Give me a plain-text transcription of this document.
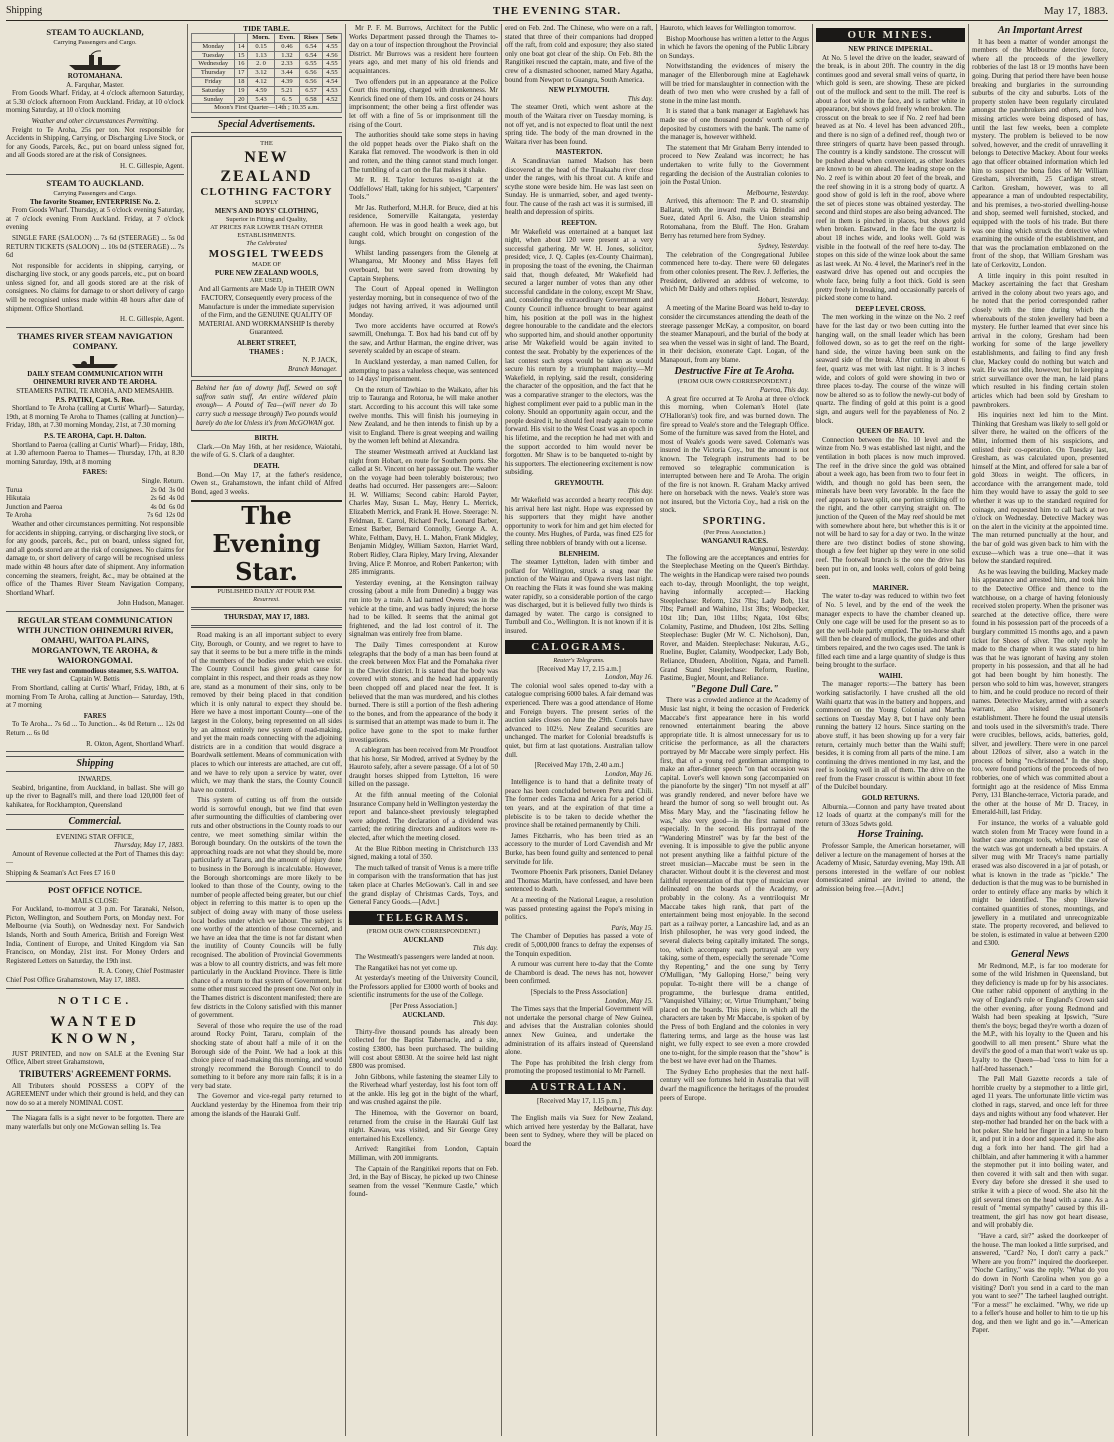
Shipping	THE EVENING STAR.	May 17, 1883.
STEAM TO AUCKLAND,
Carrying Passengers and Cargo.
ROTOMAHANA.
A. Farquhar, Master.

From Goods Wharf. Friday, at 4 o'clock afternoon Saturday, at 5.30 o'clock afternoon From Auckland. Friday, at 10 o'clock morning Saturday, at 10 o'clock morning

Weather and other circumstances Permitting.

Freight to Te Aroha, 25s per ton. Not responsible for Accidents in Shipping, Carrying, or Discharging Live Stock, or for any Goods, Parcels, &c., put on board unless signed for, and all Goods stored are at the risk of Consignees.

H. C. Gillespie, Agent.
STEAM TO AUCKLAND.
Carrying Passengers and Cargo.
The favorite Steamer, ENTERPRISE No. 2.

From Goods Wharf. Thursday, at 5 o'clock evening Saturday, at 7 o'clock evening From Auckland. Friday, at 7 o'clock evening

SINGLE FARE (SALOON) ... 7s 6d (STEERAGE) ... 5s 0d RETURN TICKETS (SALOON) ... 10s 0d (STEERAGE) ... 7s 6d

Not responsible for accidents in shipping, carrying, or discharging live stock, or any goods parcels, etc., put on board unless signed for, and all goods stored are at the risk of consignees. No claims for damage to or short delivery of cargo will be recognised unless made within 48 hours after date of shipment. Office Shortland.

H. C. Gillespie, Agent.
THAMES RIVER STEAM NAVIGATION COMPANY.
DAILY STEAM COMMUNICATION WITH OHINEMURI RIVER AND TE AROHA.
STEAMERS PATIKI, TE AROHA, AND MEMSAHIB.
P.S. PATIKI, Capt. S. Roe.

Shortland to Te Aroha (calling at Curtis' Wharf)— Saturday, 19th, at 8 morning Te Aroha to Thames (calling at Junction)— Friday, 18th, at 7.30 morning Monday, 21st, at 7.30 morning

P.S. TE AROHA, Capt. H. Dalton.

Shortland to Paeroa (calling at Curtis' Wharf)— Friday, 18th, at 1.30 afternoon Paeroa to Thames— Thursday, 17th, at 8.30 morning Saturday, 19th, at 8 morning

FARES:
Single. Return.
Turua	2s 0d 3s 0d
Hikutaia	2s 6d 4s 0d
Junction and Paeroa	4s 0d 6s 0d
Te Aroha	7s 6d 12s 0d

Weather and other circumstances permitting. Not responsible for accidents in shipping, carrying, or discharging live stock, or for any goods, parcels, &c., put on board, unless signed for, and all goods stored are at the risk of consignees. No claims for damage to, or short delivery of cargo will be recognised unless made within 48 hours after date of shipment. Any information concerning the steamers, freight, &c., may be obtained at the office of the Thames River Steam Navigation Company, Shortland Wharf.

John Hudson, Manager.
REGULAR STEAM COMMUNICATION WITH JUNCTION OHINEMURI RIVER, OMAHU, WAITOA PLAINS, MORGANTOWN, TE AROHA, & WAIORONGOMAI.
THE very fast and commodious steamer, S.S. WAITOA.
Captain W. Bettis

From Shortland, calling at Curtis' Wharf, Friday, 18th, at 6 morning From Te Aroha, calling at Junction— Saturday, 19th, at 7 morning

FARES

To Te Aroha... 7s 6d ... To Junction... 4s 0d Return ... 12s 0d Return ... 6s 0d

R. Okton, Agent, Shortland Wharf.
Shipping
INWARDS.

Seabird, brigantine, from Auckland, in ballast. She will go up the river to Bagnall's mill, and there load 120,000 feet of kahikatea, for Rockhampton, Queensland

Commercial.
EVENING STAR OFFICE,
Thursday, May 17, 1883.

Amount of Revenue collected at the Port of Thames this day:—

Shipping & Seaman's Act Fees £7 16 0
POST OFFICE NOTICE.
MAILS CLOSE:

For Auckland, to-morrow at 3 p.m. For Taranaki, Nelson, Picton, Wellington, and Southern Ports, on Monday next. For Melbourne (via South), on Wednesday next. For Sandwich Islands, North and South America, British and Foreign West India, Continent of Europe, and United Kingdom via San Francisco, on Monday, 21st inst. For Money Orders and Registered Letters on Saturday, the 19th inst.

R. A. Coney, Chief Postmaster
Chief Post Office Grahamstown, May 17, 1883.
NOTICE.
WANTED KNOWN,

JUST PRINTED, and now on SALE at the Evening Star Office, Albert street Grahamstown,

TRIBUTERS' AGREEMENT FORMS.

All Tributers should POSSESS a COPY of the AGREEMENT under which their ground is held, and they can now do so at a merely NOMINAL COST.

The Niagara falls is a sight never to be forgotten. There are many waterfalls but only one McGowan selling 1s. Tea

TIDE TABLE.
		Morn.	Even.	Rises	Sets
Monday	14	0.15	0.46	6.54	4.55
Tuesday	15	1.13	1.32	6.54	4.56
Wednesday	16	2. 0	2.33	6.55	4.55
Thursday	17	3.12	3.44	6.56	4.55
Friday	18	4.12	4.39	6.56	4.54
Saturday	19	4.59	5.21	6.57	4.53
Sunday	20	5.43	6. 5	6.58	4.52
Moon's First Quarter—14th ; 10.35 a.m.					
Special Advertisements.
THE
NEW ZEALAND
CLOTHING FACTORY
SUPPLY
MEN'S AND BOYS' CLOTHING,
Superior in Fitting and Quality,
AT PRICES FAR LOWER THAN OTHER ESTABLISHMENTS.
The Celebrated
MOSGIEL TWEEDS
MADE OF
PURE NEW ZEALAND WOOLS,
ARE USED,

And all Garments are Made Up in THEIR OWN FACTORY, Consequently every process of the Manufacture is under the immediate supervision of the Firm, and the GENUINE QUALITY OF MATERIAL AND WORKMANSHIP Is thereby Guaranteed.

ALBERT STREET,
THAMES :
N. P. JACK,
Branch Manager.
Behind her fan of downy fluff, Sewed on soft saffron satin stuff, An entire wildered plain enough— A Pound of Tea—(will never do To carry such a message through) Two pounds would barely do the lot Unless it's from McGOWAN got.
BIRTH.

Clark.—On May 16th, at her residence, Waiotahi, the wife of G. S. Clark of a daughter.

DEATH.

Bond.—On May 17, at the father's residence, Owen st., Grahamstown, the infant child of Alfred Bond, aged 3 weeks.

The Evening Star.
PUBLISHED DAILY AT FOUR P.M.
Resurrexi.
THURSDAY, MAY 17, 1883.

Road making is an all important subject to every City, Borough, or County, and we regret to have to say that it seems to be but a mere trifle in the minds of the members of the bodies under which we exist. The County Council has given great cause for complaint in this respect, and their roads as they now are, stand as a monument of their sins, only to be removed by their being placed in that condition which it is only natural to expect they should be. Here we have a most important County—one of the largest in the Colony, being represented on all sides by an almost entirely new system of road-making, and yet the main roads connecting with the adjoining districts are in a condition that would disgrace a Boardwalk settlement. Means of communication with places to which our interests are attached, are cut off, and we have to rely upon a service by water, over which, we may thank the stars, the County Council have no control.

This system of cutting us off from the outside world is sorrowful enough, but we find that even after surmounting the difficulties of clambering over ruts and other obstructions in the County roads to our centre, we meet something similar within the Borough boundary. On the outskirts of the town the approaching roads are not what they should be, more particularly at Tararu, and the amount of injury done to business in the Borough is incalculable. However, the Borough shortcomings are more likely to be looked to than those of the County, owing to the number of people affected being greater, but our chief object in referring to this matter is to open up the subject of doing away with many of those useless local bodies under which we labour. The subject is one worthy of the attention of those concerned, and we have an idea that the time is not far distant when the inutility of County Councils will be fully recognised. The abolition of Provincial Governments was a blow to all country districts, and was felt more particularly in the Auckland Province. There is little chance of a return to that system of Government, but some other must succeed the present one. Not only in the Thames district is discontent manifested; there are few districts in the Colony satisfied with this manner of government.

Several of those who require the use of the road around Rocky Point, Tararu, complain of the shocking state of about half a mile of it on the Borough side of the Point. We had a look at this choice piece of road-making this morning, and would strongly recommend the Borough Council to do something to it before any more rain falls; it is in a very bad state.

The Governor and vice-regal party returned to Auckland yesterday by the Hinemoa from their trip among the islands of the Hauraki Gulf.

Mr P. F. M. Burrows, Architect for the Public Works Department passed through the Thames to-day on a tour of inspection throughout the Provincial District. Mr Burrows was a resident here fourteen years ago, and met many of his old friends and acquaintances.

Two offenders put in an appearance at the Police Court this morning, charged with drunkenness. Mr Kenrick fined one of them 10s. and costs or 24 hours imprisonment; the other being a first offender was let off with a fine of 5s or imprisonment till the rising of the Court.

The authorities should take some steps in having the old poppet heads over the Piako shaft on the Karaka flat removed. The woodwork is then in old and rotten, and the thing cannot stand much longer. The tumbling of a cart on the flat makes it shake.

Mr R. H. Taylor lectures to-night at the Oddfellows' Hall, taking for his subject, "Carpenters' Tools."

Mr Jas. Rutherford, M.H.R. for Bruce, died at his residence, Somerville Kaitangata, yesterday afternoon. He was in good health a week ago, but caught cold, which brought on congestion of the lungs.

Whilst landing passengers from the Glenelg at Whangaroa, Mr Mooney and Miss Hayes fell overboard, but were saved from drowning by Captain Stephens.

The Court of Appeal opened in Wellington yesterday morning, but in consequence of two of the judges not having arrived, it was adjourned until Monday.

Two more accidents have occurred at Rowe's sawmill, Onehunga. T. Box had his band cut off by the saw, and Arthur Harman, the engine driver, was severely scalded by an escape of steam.

In Auckland yesterday, a man named Cullen, for attempting to pass a valueless cheque, was sentenced to 14 days' imprisonment.

On the return of Tawhiao to the Waikato, after his trip to Tauranga and Rotorua, he will make another start. According to his account this will take some twelve months. This will finish his journeying in New Zealand, and he then intends to finish up by a visit to England. There is great weeping and wailing by the women left behind at Alexandra.

The steamer Westmeath arrived at Auckland last night from Hobart, en route for Southern ports. She called at St. Vincent on her passage out. The weather on the voyage had been tolerably boisterous; two deaths had occurred. Her passengers are:—Saloon: H. W. Williams; Second cabin: Harold Payter, Charles May, Susan L. May, Henry L. Merrick, Elizabeth Merrick, and Frank H. Howe. Steerage: N. Feldman, E. Carrol, Richard Peck, Leonard Barber, Ernest Barber, Bernard Connolly, George A. A. White, Feltham, Davy, H. L. Mahon, Frank Midgley, Benjamin Midgley, William Saxton, Harriet Ward, Robert Ridley, Clara Ripley, Mary Irving, Alexander Irving, Alice P. Monroe, and Robert Pankerton; with 285 immigrants.

Yesterday evening, at the Kensington railway crossing (about a mile from Dunedin) a buggy was run into by a train. A lad named Owens was in the vehicle at the time, and was badly injured; the horse had to be killed. It seems that the animal got frightened, and the lad lost control of it. The signalman was entirely free from blame.

The Daily Times correspondent at Kurow telegraphs that the body of a man has been found at the creek between Mox Flat and the Pomahaka river in the Cheviot district. It is stated that the body was covered with stones, and the head had apparently been chopped off and placed near the feet. It is believed that the man was murdered, and his clothes burned. There is still a portion of the flesh adhering to the bones, and from the appearance of the body it is surmised that an attempt was made to burn it. The police have gone to the spot to make further investigations.

A cablegram has been received from Mr Proudfoot that his horse, Sir Modred, arrived at Sydney by the Hauroto safely, after a severe passage. Of a lot of 50 draught horses shipped from Lyttelton, 16 were killed on the passage.

At the fifth annual meeting of the Colonial Insurance Company held in Wellington yesterday the report and balance-sheet previously telegraphed were adopted. The declaration of a dividend was carried; the retiring directors and auditors were re-elected, after which the meeting closed.

At the Blue Ribbon meeting in Christchurch 133 signed, making a total of 350.

The much talked of transit of Venus is a mere trifle in comparison with the transformation that has just taken place at Charles McGowan's. Call in and see the grand display of Christmas Cards, Toys, and General Fancy Goods.—[Advt.]

TELEGRAMS.
(FROM OUR OWN CORRESPONDENT.)
AUCKLAND
This day.

The Westmeath's passengers were landed at noon.

The Rangatikei has not yet come up.

At yesterday's meeting of the University Council, the Professors applied for £3000 worth of books and scientific instruments for the use of the College.

[Per Press Association.]
AUCKLAND.
This day.

Thirty-five thousand pounds has already been collected for the Baptist Tabernacle, and a site, costing £3800, has been purchased. The building will cost about £8030. At the soiree held last night £800 was promised.

John Gibbons, while fastening the steamer Lily to the Riverhead wharf yesterday, lost his foot torn off at the ankle. His leg got in the bight of the wharf, and was crushed against the pile.

The Hinemoa, with the Governor on board, returned from the cruise in the Hauraki Gulf last night. Kawau, was visited, and Sir George Grey entertained his Excellency.

Arrived: Rangitikei from London, Captain Milliman, with 200 immigrants.

The Captain of the Rangitikei reports that on Feb. 3rd, in the Bay of Biscay, he picked up two Chinese seamen from the vessel "Kenmure Castle," which found-

ered on Feb. 2nd. The Chinese, who were on a raft, stated that three of their companions had dropped off the raft, from cold and exposure; they also stated only one boat got clear of the ship. On Feb. 8th the Rangitikei rescued the captain, mate, and five of the crew of a dismasted schooner, named Mary Agatha, bound from Newport to Guangra, South America.

NEW PLYMOUTH.
This day.

The steamer Oreti, which went ashore at the mouth of the Waitara river on Tuesday morning, is not off yet, and is not expected to float until the next spring tide. The body of the man drowned in the Waitara river has been found.

MASTERTON.

A Scandinavian named Madson has been discovered at the head of the Tinakaahu river close under the ranges, with his throat cut. A knife and scythe stone were beside him. He was last seen on Sunday. He is unmarried, sober, and aged twenty-four. The cause of the rash act was it is surmised, ill health and depression of spirits.

REEFTON.

Mr Wakefield was entertained at a banquet last night, when about 120 were present at a very successful gathering. Mr W. H. Jones, solicitor, presided; vice, J. Q. Caples (ex-County Chairman), in proposing the toast of the evening, the Chairman said that, though defeated, Mr Wakefield had secured a larger number of votes than any other successful candidate in the colony, except Mr Shaw, and, considering the extraordinary Government and County Council influence brought to bear against him, his position at the poll was in the highest degree honourable to the candidate and the electors who supported him, and should another opportunity arise Mr Wakefield would be again invited to contest the seat. Probably by the experiences of the last contest such steps would be taken as would secure his return by a triumphant majority.—Mr Wakefield, in replying, said the result, considering the character of the opposition, and the fact that he was a comparative stranger to the electors, was the highest compliment ever paid to a public man in the colony. Should an opportunity again occur, and the people desired it, he should feel ready again to come forward. His visit to the West Coast was an epoch in his lifetime, and the reception he had met with and the support accorded to him would never be forgotten. Mr Shaw is to be banqueted to-night by his supporters. The electioneering excitement is now subsiding.

GREYMOUTH.
This day.

Mr Wakefield was accorded a hearty reception on his arrival here last night. Hope was expressed by his supporters that they might have another opportunity to work for him and get him elected for the county. Mrs Hughes, of Parda, was fined £25 for selling three nobblers of brandy with out a license.

BLENHEIM.

The steamer Lyttelton, laden with timber and pollard for Wellington, struck a snag near the junction of the Wairau and Opawa rivers last night. On reaching the Flats it was found she was making water rapidly, so a considerable portion of the cargo was discharged, but it is believed fully two thirds is damaged by water. The cargo is consigned to Turnbull and Co., Wellington. It is not known if it is insured.

CALOGRAMS.
Reuter's Telegrams.
[Received May 17, 2.15 a.m.]
London, May 16.

The colonial wool sales opened to-day with a catalogue comprising 6000 bales. A fair demand was experienced. There was a good attendance of Home and Foreign buyers. The present series of the auction sales closes on June the 29th. Consols have advanced to 102½. New Zealand securities are unchanged. The market for Colonial breadstuffs is quiet, but firm at last quotations. Australian tallow dull.

[Received May 17th, 2.40 a.m.]
London, May 16.

Intelligence is to hand that a definite treaty of peace has been concluded between Peru and Chili. The former cedes Tacna and Arica for a period of ten years, and at the expiration of that time a plebiscite is to be taken to decide whether the province shall be retained permanently by Chili.

James Fitzharris, who has been tried as an accessory to the murder of Lord Cavendish and Mr Burke, has been found guilty and sentenced to penal servitude for life.

Twomore Phoenix Park prisoners, Daniel Delaney and Thomas Martin, have confessed, and have been sentenced to death.

At a meeting of the National League, a resolution was passed protesting against the Pope's mixing in politics.

Paris, May 15.

The Chamber of Deputies has passed a vote of credit of 5,000,000 francs to defray the expenses of the Tonquin expedition.

A rumour was current here to-day that the Comte de Chambord is dead. The news has not, however been confirmed.

[Specials to the Press Association]
London, May 15.

The Times says that the Imperial Government will not undertake the personal charge of New Guinea, and advises that the Australian colonies should annex New Guinea, and undertake the administration of its affairs instead of Queensland alone.

The Pope has prohibited the Irish clergy from promoting the proposed testimonial to Mr Parnell.

AUSTRALIAN.
[Received May 17, 1.15 p.m.]
Melbourne, This day.

The English mails via Suez for New Zealand, which arrived here yesterday by the Ballarat, have been sent to Sydney, where they will be placed on board the

Hauroto, which leaves for Wellington tomorrow.

Bishop Moorhouse has written a letter to the Argus in which he favors the opening of the Public Library on Sundays.

Notwithstanding the evidences of misery the manager of the Ellenborough mine at Eaglehawk will be tried for manslaughter in connection with the death of two men who were crushed by a fall of stone in the mine last month.

It is stated that a bank manager at Eaglehawk has made use of one thousand pounds' worth of scrip deposited by customers with the bank. The name of the manager is, however withheld.

The statement that Mr Graham Berry intended to proceed to New Zealand was incorrect; he has undertaken to write fully to the Government regarding the decision of the Australian colonies to join the Postal Union.

Melbourne, Yesterday.

Arrived, this afternoon: The P. and O. steamship Ballarat, with the inward mails via Brindisi and Suez, dated April 6. Also, the Union steamship Rotomahana, from the Bluff. The Hon. Graham Berry has returned here from Sydney.

Sydney, Yesterday.

The celebration of the Congregational Jubilee commenced here to-day. There were 60 delegates from other colonies present. The Rev. J. Jefferies, the President, delivered an address of welcome, to which Mr Daldy and others replied.

Hobart, Yesterday.

A meeting of the Marine Board was held to-day to consider the circumstances attending the death of the steerage passenger McKay, a compositor, on board the steamer Manapouri, and the burial of the body at sea when the vessel was in sight of land. The Board, in their decision, exonerate Capt. Logan, of the Manapouri, from any blame.

Destructive Fire at Te Aroha.
(FROM OUR OWN CORRESPONDENT.)
Paeroa, This day.

A great fire occurred at Te Aroha at three o'clock this morning, when Coleman's Hotel (late O'Halloran's) took fire, and was burned down. The fire spread to Veale's store and the Telegraph Office. Some of the furniture was saved from the Hotel, and most of Veale's goods were saved. Coleman's was insured in the Victoria Coy., but the amount is not known. The Telegraph instruments had to be removed so telegraphic communication is interrupted between here and Te Aroha. The origin of the fire is not known. R. Graham Macky arrived here on horseback with the news. Veale's store was not insured, but the Victoria Coy., had a risk on the stock.

SPORTING.
(Per Press Association.)
WANGANUI RACES.
Wanganui, Yesterday.

The following are the acceptances and entries for the Steeplechase Meeting on the Queen's Birthday. The weights in the Handicap were raised two pounds each to-day, through Moonlight, the top weight, having informally accepted:— Hacking Steeplechase: Reform, 12st 7lbs; Lady Bob, 11st 7lbs; Parnell and Waihino, 11st 3lbs; Woodpecker, 10st 1lb; Dan, 10st 11lbs; Ngata, 10st 6lbs; Colamity, Pastime, and Dhudeen, 10st 2lbs. Selling Steeplechase: Bugler (Mr W. C. Nicholson), Dan, Rover, and Maiden. Steeplechase: Nukurau, A.G., Rueline, Bugler, Calamity, Woodpecker, Lady Bob, Reliance, Dhudeen, Abolition, Ngata, and Parnell. Grand Stand Steeplechase: Reform, Rueline, Pastime, Bugler, Mount, and Reliance.

"Begone Dull Care."

There was a crowded audience at the Academy of Music last night, it being the occasion of Frederick Maccabe's first appearance here in his world renowned entertainment bearing the above appropriate title. It is almost unnecessary for us to criticise the performance, as all the characters portrayed by Mr Maccabe were simply perfect. His first, that of a young red gentleman attempting to make an after-dinner speech "on that occasion was capital. Lover's well known song (accompanied on the pianoforte by the singer) "I'm not myself at all" was grandly rendered, and never before have we heard the humor of song so well brought out. As Miss Mary May, and the "fascinating fellow he was," also very good—in the first named more especially. In the second. His portrayal of the "Wandering Minstrel" was by far the best of the evening. It is impossible to give the public anyone not present anything like a faithful picture of the street musician—Maccabe must be seen in the character. Without doubt it is the cleverest and most faithful representation of that type of musician ever delineated on the boards of the Academy, or probably in the colony. As a ventriloquist Mr Maccabe takes high rank, that part of the entertainment being most enjoyable. In the second part as a railway porter, a Lancashire lad, and as an Irish philosopher, he was very good indeed, the several dialects being capitally imitated. The songs, too, which accompany each portrayal are very taking, some of them, especially the serenade "Come thy Repenting," and the one sung by Terry O'Mulligan, "My Galloping Horse," being very popular. To-night there will be a change of programme, the burlesque drama entitled, "Vanquished Villainy; or, Virtue Triumphant," being placed on the boards. This piece, in which all the characters are taken by Mr Maccabe, is spoken of by the Press of both England and the colonies in very flattering terms, and large as the house was last night, we fully expect to see even a more crowded one to-night, for the simple reason that the "show" is the best we have ever had on the Thames.

The Sydney Echo prophesies that the next half-century will see fortunes held in Australia that will dwarf the magnificence the heritages of the proudest peers of Europe.

OUR MINES.
NEW PRINCE IMPERIAL.

At No. 5 level the drive on the leader, seaward of the break, is in about 20ft. The country in the dig continues good and several small veins of quartz, in which gold is seen, are showing. These are picked out of the mullock and sent to the mill. The reef is about a foot wide in the face, and is rather white in appearance, but shows gold freely when broken. The crosscut on the break to see if No. 2 reef had been heaved as at No. 4 level has been advanced 20ft., and there is no sign of a defined reef, though two or three stringers of quartz have been passed through. The country is a kindly sandstone. The crosscut will be pushed ahead when convenient, as other leaders are known to be on ahead. The leading stope on the No. 2 reef is within about 20 feet of the break, and the reef showing in it is a strong body of quartz. A good show of gold is left in the roof, above where the set of pieces stone was obtained yesterday. The second and third stopes are also being advanced. The reef in them is pinched in places, but shows gold when broken. Eastward, in the face the quartz is about 18 inches wide, and looks well. Gold was visible in the footwall of the reef here to-day. The stopes on this side of the winze look about the same as last week. At No. 4 level, the Mariner's reef in the eastward drive has opened out and occupies the whole face, being fully a foot thick. Gold is seen pretty freely in breaking, and occasionally parcels of picked stone come to hand.

DEEP LEVEL CROSS.

The men working in the winze on the No. 2 reef have for the last day or two been cutting into the hanging wall, on the small leader which has been followed down, so as to get the reef on the right-hand side, the winze having been sunk on the seaward side of the break. After cutting in about 6 feet, quartz was met with last night. It is 3 inches wide, and colors of gold were showing in two or three places to-day. The course of the winze will now be altered so as to follow the newly-cut body of quartz. The finding of gold at this point is a good sign, and augurs well for the payableness of No. 2 block.

QUEEN OF BEAUTY.

Connection between the No. 10 level and the winze from No. 9 was established last night, and the ventilation in both places is now much improved. The reef in the drive since the gold was obtained about a week ago, has been from two to four feet in width, and though no gold has been seen, the minerals have been very favorable. In the face the reef appears to have split, one portion striking off to the right, and the other carrying straight on. The junction of the Queen of the May reef should be met with somewhere about here, but whether this is it or not will be hard to say for a day or two. In the winze there are two distinct bodies of stone showing, though a few feet higher up they were in one solid reef. The footwall branch is the one the drive has been put in on, and looks well, colors of gold being seen.

MARINER.

The water to-day was reduced to within two feet of No. 5 level, and by the end of the week the manager expects to have the chamber cleaned up. Only one cage will be used for the present so as to get the well-hole partly emptied. The ten-horse shaft will then be cleared of mullock, the guides and other timbers repaired, and the two cages used. The tank is filled each time and a large quantity of sludge is thus being brought to the surface.

WAIHI.

The manager reports:—The battery has been working satisfactorily. I have crushed all the old Waihi quartz that was in the battery and hoppers, and commenced on the Young Colonial and Martha sections on Tuesday May 8, but I have only been running the battery 12 hours. Since starting on the above stuff, it has been showing up for a very fair return, certainly much better than the Waihi stuff; besides, it is coming from all parts of the mine. I am continuing the drives mentioned in my last, and the reef is looking well in all of them. The drive on the reef from the Fraser crosscut is within about 10 feet of the Dulcibel boundary.

GOLD RETURNS.

Alburnia.—Connon and party have treated about 12 loads of quartz at the company's mill for the return of 33ozs 5dwts gold.

Horse Training.

Professor Sample, the American horsetamer, will deliver a lecture on the management of horses at the Academy of Music, Saturday evening, May 19th. All persons interested in the welfare of our noblest domesticated animal are invited to attend, the admission being free.—[Advt.]

An Important Arrest

It has been a matter of wonder amongst the members of the Melbourne detective force, where all the proceeds of the jewellery robberies of the last 18 or 19 months have been going. During that period there have been house breaking and burglaries in the surrounding suburbs of the city and suburbs. Lots of the property stolen have been regularly circulated amongst the pawnbrokers and others, and how missing articles were being disposed of has, until the last few weeks, been a complete mystery. The problem is believed to be now solved, however, and the credit of unravelling it belongs to Detective Mackey. About four weeks ago that officer obtained information which led him to suspect the bona fides of Mr William Gresham, silversmith, 25 Cardigan street, Carlton. Gresham, however, was to all appearance a man of undoubted respectability, and his premises, a two-storied dwelling-house and shop, seemed well furnished, stocked, and equipped with the tools of his trade. But there was one thing which struck the detective when examining the outside of the establishment, and that was the proclamation emblazoned on the front of the shop, that William Gresham was late of Cerkovitz, London.

A little inquiry in this point resulted in Mackey ascertaining the fact that Gresham arrived in the colony about two years ago, and he noted that the period corresponded rather closely with the time during which the whereabouts of the stolen jewellery had been a mystery. He further learned that ever since his arrival in the colony, Gresham had been working for some of the large jewellery establishments, and failing to find any fresh clue, Mackey could do nothing but watch and wait. He was not idle, however, but in keeping a strict surveillance over the man, he laid plans which resulted in his finding certain stolen articles which had been sold by Gresham to pawnbrokers.

His inquiries next led him to the Mint. Thinking that Gresham was likely to sell gold or silver there, he waited on the officers of the Mint, informed them of his suspicions, and enlisted their co-operation. On Tuesday last, Gresham, as was calculated upon, presented himself at the Mint, and offered for sale a bar of gold 30ozs in weight. The officers, in accordance with the arrangement made, told him they would have to assay the gold to see whether it was up to the standard required for coinage, and requested him to call back at two o'clock on Wednesday. Detective Mackey was on the alert in the vicinity at the appointed time. The man returned punctually at the hour, and the bar of gold was given back to him with the excuse—which was a true one—that it was below the standard required.

As he was leaving the building, Mackey made his appearance and arrested him, and took him to the Detective Office and thence to the watchhouse, on a charge of having feloniously received stolen property. When the prisoner was searched at the detective office, there were found in his possession part of the proceeds of a burglary committed 15 months ago, and a pawn ticket for Shoes of silver. The only reply he made to the charge when it was stated to him was that he was ignorant of having any stolen property in his possession, and that all he had got had been bought by him honestly. The person who sold to him was, however, strangers to him, and he could produce no record of their names. Detective Mackey, armed with a search warrant, also visited the prisoner's establishment. There he found the usual utensils and tools used in the silversmith's trade. There were crucibles, bellows, acids, batteries, gold, silver, and jewellery. There were in one parcel about 120ozs of silver, also a watch in the process of being "re-christened." In the shop, too, were found portions of the proceeds of two robberies, one of which was committed about a fortnight ago at the residence of Miss Emma Perry, 131 Blanche-terrace, Victoria parade, and the other at the house of Mr D. Tracey, in Emerald-hill, last Friday.

For instance, the works of a valuable gold watch stolen from Mr Tracey were found in a leather case amongst tools, whilst the case of the watch was got underneath a bed upstairs. A silver mug with Mr Tracey's name partially erased was also discovered in a jar of potash, or what is known in the trade as "pickle." The deduction is that the mug was to be burnished in order to entirely efface any marks by which it might be identified. The shop likewise contained quantities of stones, mountings, and jewellery in a mutilated and unrecognizable state. The property recovered, and believed to be stolen, is estimated in value at between £200 and £300.

General News

Mr Redmond, M.P., is far too moderate for some of the wild Irishmen in Queensland, but they deficiency is made up for by his associates. One rather rabid opponent of anything in the way of England's rule or England's Crown said the other evening, after young Redmond and Walsh had been speaking at Ipswich, "Sure them's the boys; begad they're worth a dozen of the M.P., with his loyalty to the Queen and his goodwill to all men present." Shure what the devil's the good of a man that won't wake us up. Lyalty to the Queen—bad 'cess to him for a half-bred hassenach."

The Pall Mall Gazette records a tale of horrible cruelty by a stepmother to a little girl, aged 11 years. The unfortunate little victim was clothed in rags, starved, and once left for three days and nights without any food whatever. Her step-mother had branded her on the back with a hot poker. She held her finger in a lamp to burn it, and put it in a door and squeezed it. She also dug a fork into her hand. The girl had a chilblain, and after hammering it with a hammer the stepmother put it into boiling water, and then covered it with salt and then with sugar. Every day before she dressed it she used to strike it with a piece of wood. She also hit the girl several times on the head with a cane. As a result of "mental sympathy" caused by this ill-treatment, the girl has now got heart disease, and will probably die.

"Have a card, sir?" asked the doorkeeper of the house. The man looked a little surprised, and answered, "Card? No, I don't carry a pack." Where are you from?" inquired the doorkeeper. "Noche Carliny," was the reply. "What do you do down in North Carolina when you go a visiting? Don't you send in a card to the man you want to see?" The tarheel laughed outright. "For a mess!" he exclaimed. "Why, we ride up to a feller's house and holler to him to tie up his dog, and then we light and go in."—American Paper.
